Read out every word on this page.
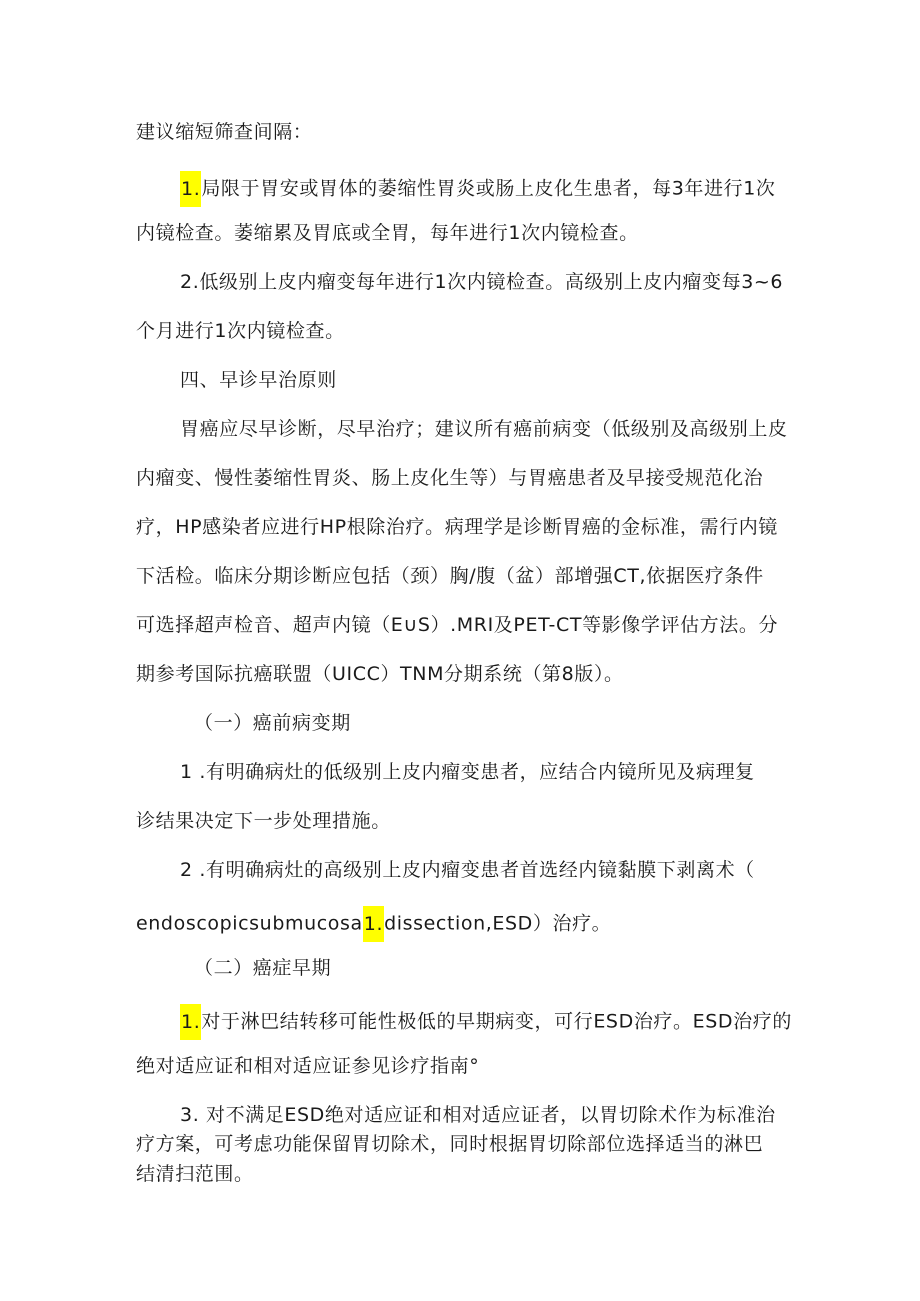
建议缩短筛查间隔：
1.局限于胃安或胃体的萎缩性胃炎或肠上皮化生患者，每3年进行1次
内镜检查。萎缩累及胃底或全胃，每年进行1次内镜检查。
2.低级别上皮内瘤变每年进行1次内镜检查。高级别上皮内瘤变每3~6
个月进行1次内镜检查。
四、早诊早治原则
胃癌应尽早诊断，尽早治疗；建议所有癌前病变（低级别及高级别上皮
内瘤变、慢性萎缩性胃炎、肠上皮化生等）与胃癌患者及早接受规范化治
疗，HP感染者应进行HP根除治疗。病理学是诊断胃癌的金标准，需行内镜
下活检。临床分期诊断应包括（颈）胸/腹（盆）部增强CT,依据医疗条件
可选择超声检音、超声内镜（E∪S）.MRI及PET-CT等影像学评估方法。分
期参考国际抗癌联盟（UICC）TNM分期系统（第8版）。
（一）癌前病变期
1 .有明确病灶的低级别上皮内瘤变患者，应结合内镜所见及病理复
诊结果决定下一步处理措施。
2 .有明确病灶的高级别上皮内瘤变患者首选经内镜黏膜下剥离术（
endoscopicsubmucosa1.dissection,ESD）治疗。
（二）癌症早期
1.对于淋巴结转移可能性极低的早期病变，可行ESD治疗。ESD治疗的
绝对适应证和相对适应证参见诊疗指南°
3. 对不满足ESD绝对适应证和相对适应证者，以胃切除术作为标准治
疗方案，可考虑功能保留胃切除术，同时根据胃切除部位选择适当的淋巴
结清扫范围。
